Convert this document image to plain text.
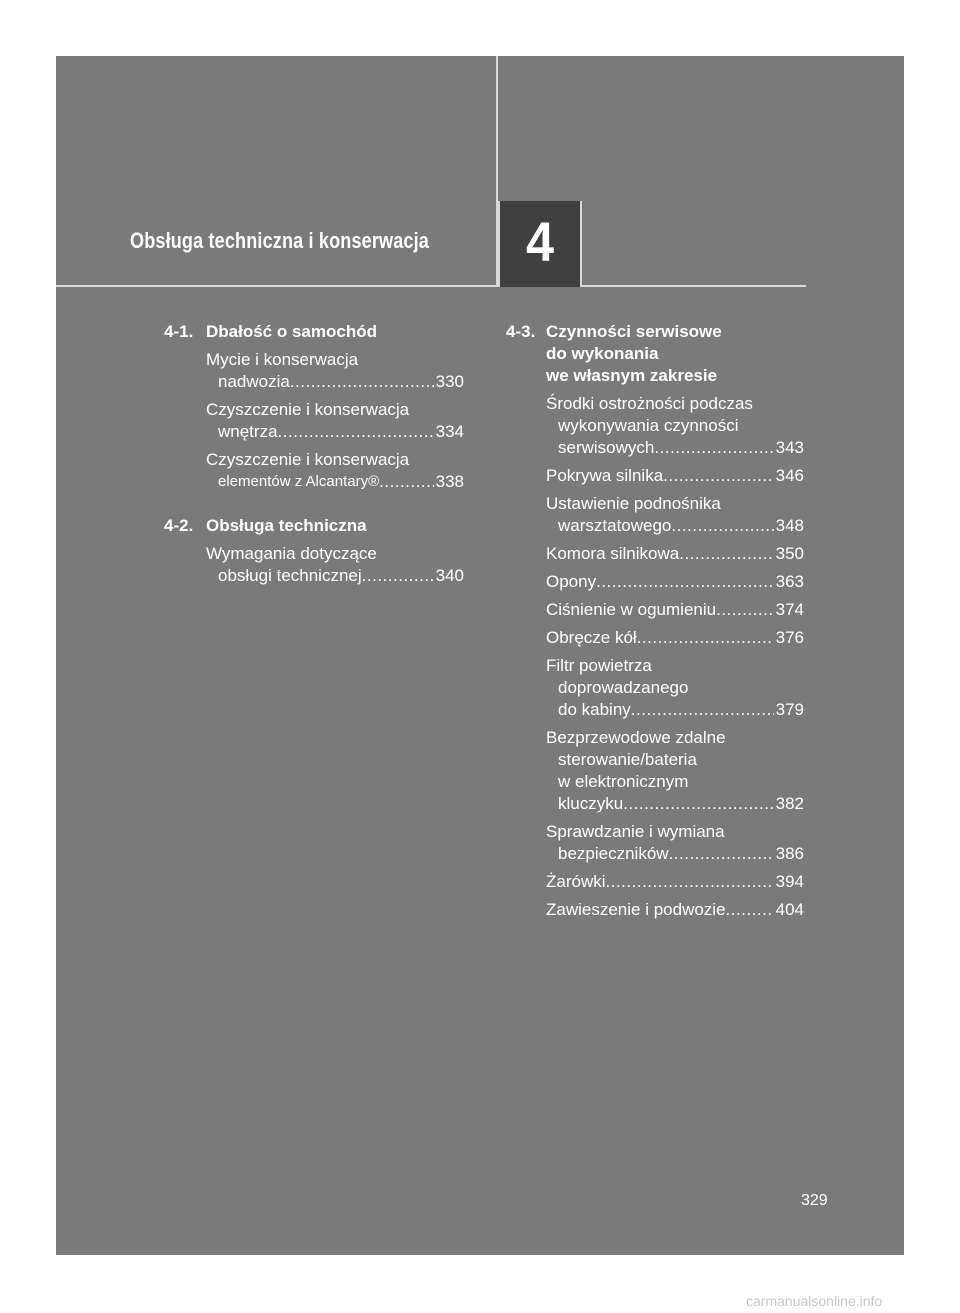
Obsługa techniczna i konserwacja	4
4-1. Dbałość o samochód
Mycie i konserwacja
nadwozia .....	330
Czyszczenie i konserwacja
wnętrza .....	334
Czyszczenie i konserwacja
elementów z Alcantary® .....	338
4-2. Obsługa techniczna
Wymagania dotyczące
obsługi technicznej .....	340
4-3. Czynności serwisowe
do wykonania
we własnym zakresie
Środki ostrożności podczas
wykonywania czynności
serwisowych .....	343
Pokrywa silnika .....	346
Ustawienie podnośnika
warsztatowego .....	348
Komora silnikowa .....	350
Opony .....	363
Ciśnienie w ogumieniu .....	374
Obręcze kół .....	376
Filtr powietrza
doprowadzanego
do kabiny .....	379
Bezprzewodowe zdalne
sterowanie/bateria
w elektronicznym
kluczyku .....	382
Sprawdzanie i wymiana
bezpieczników .....	386
Żarówki .....	394
Zawieszenie i podwozie .....	404
329
carmanualsonline.info
